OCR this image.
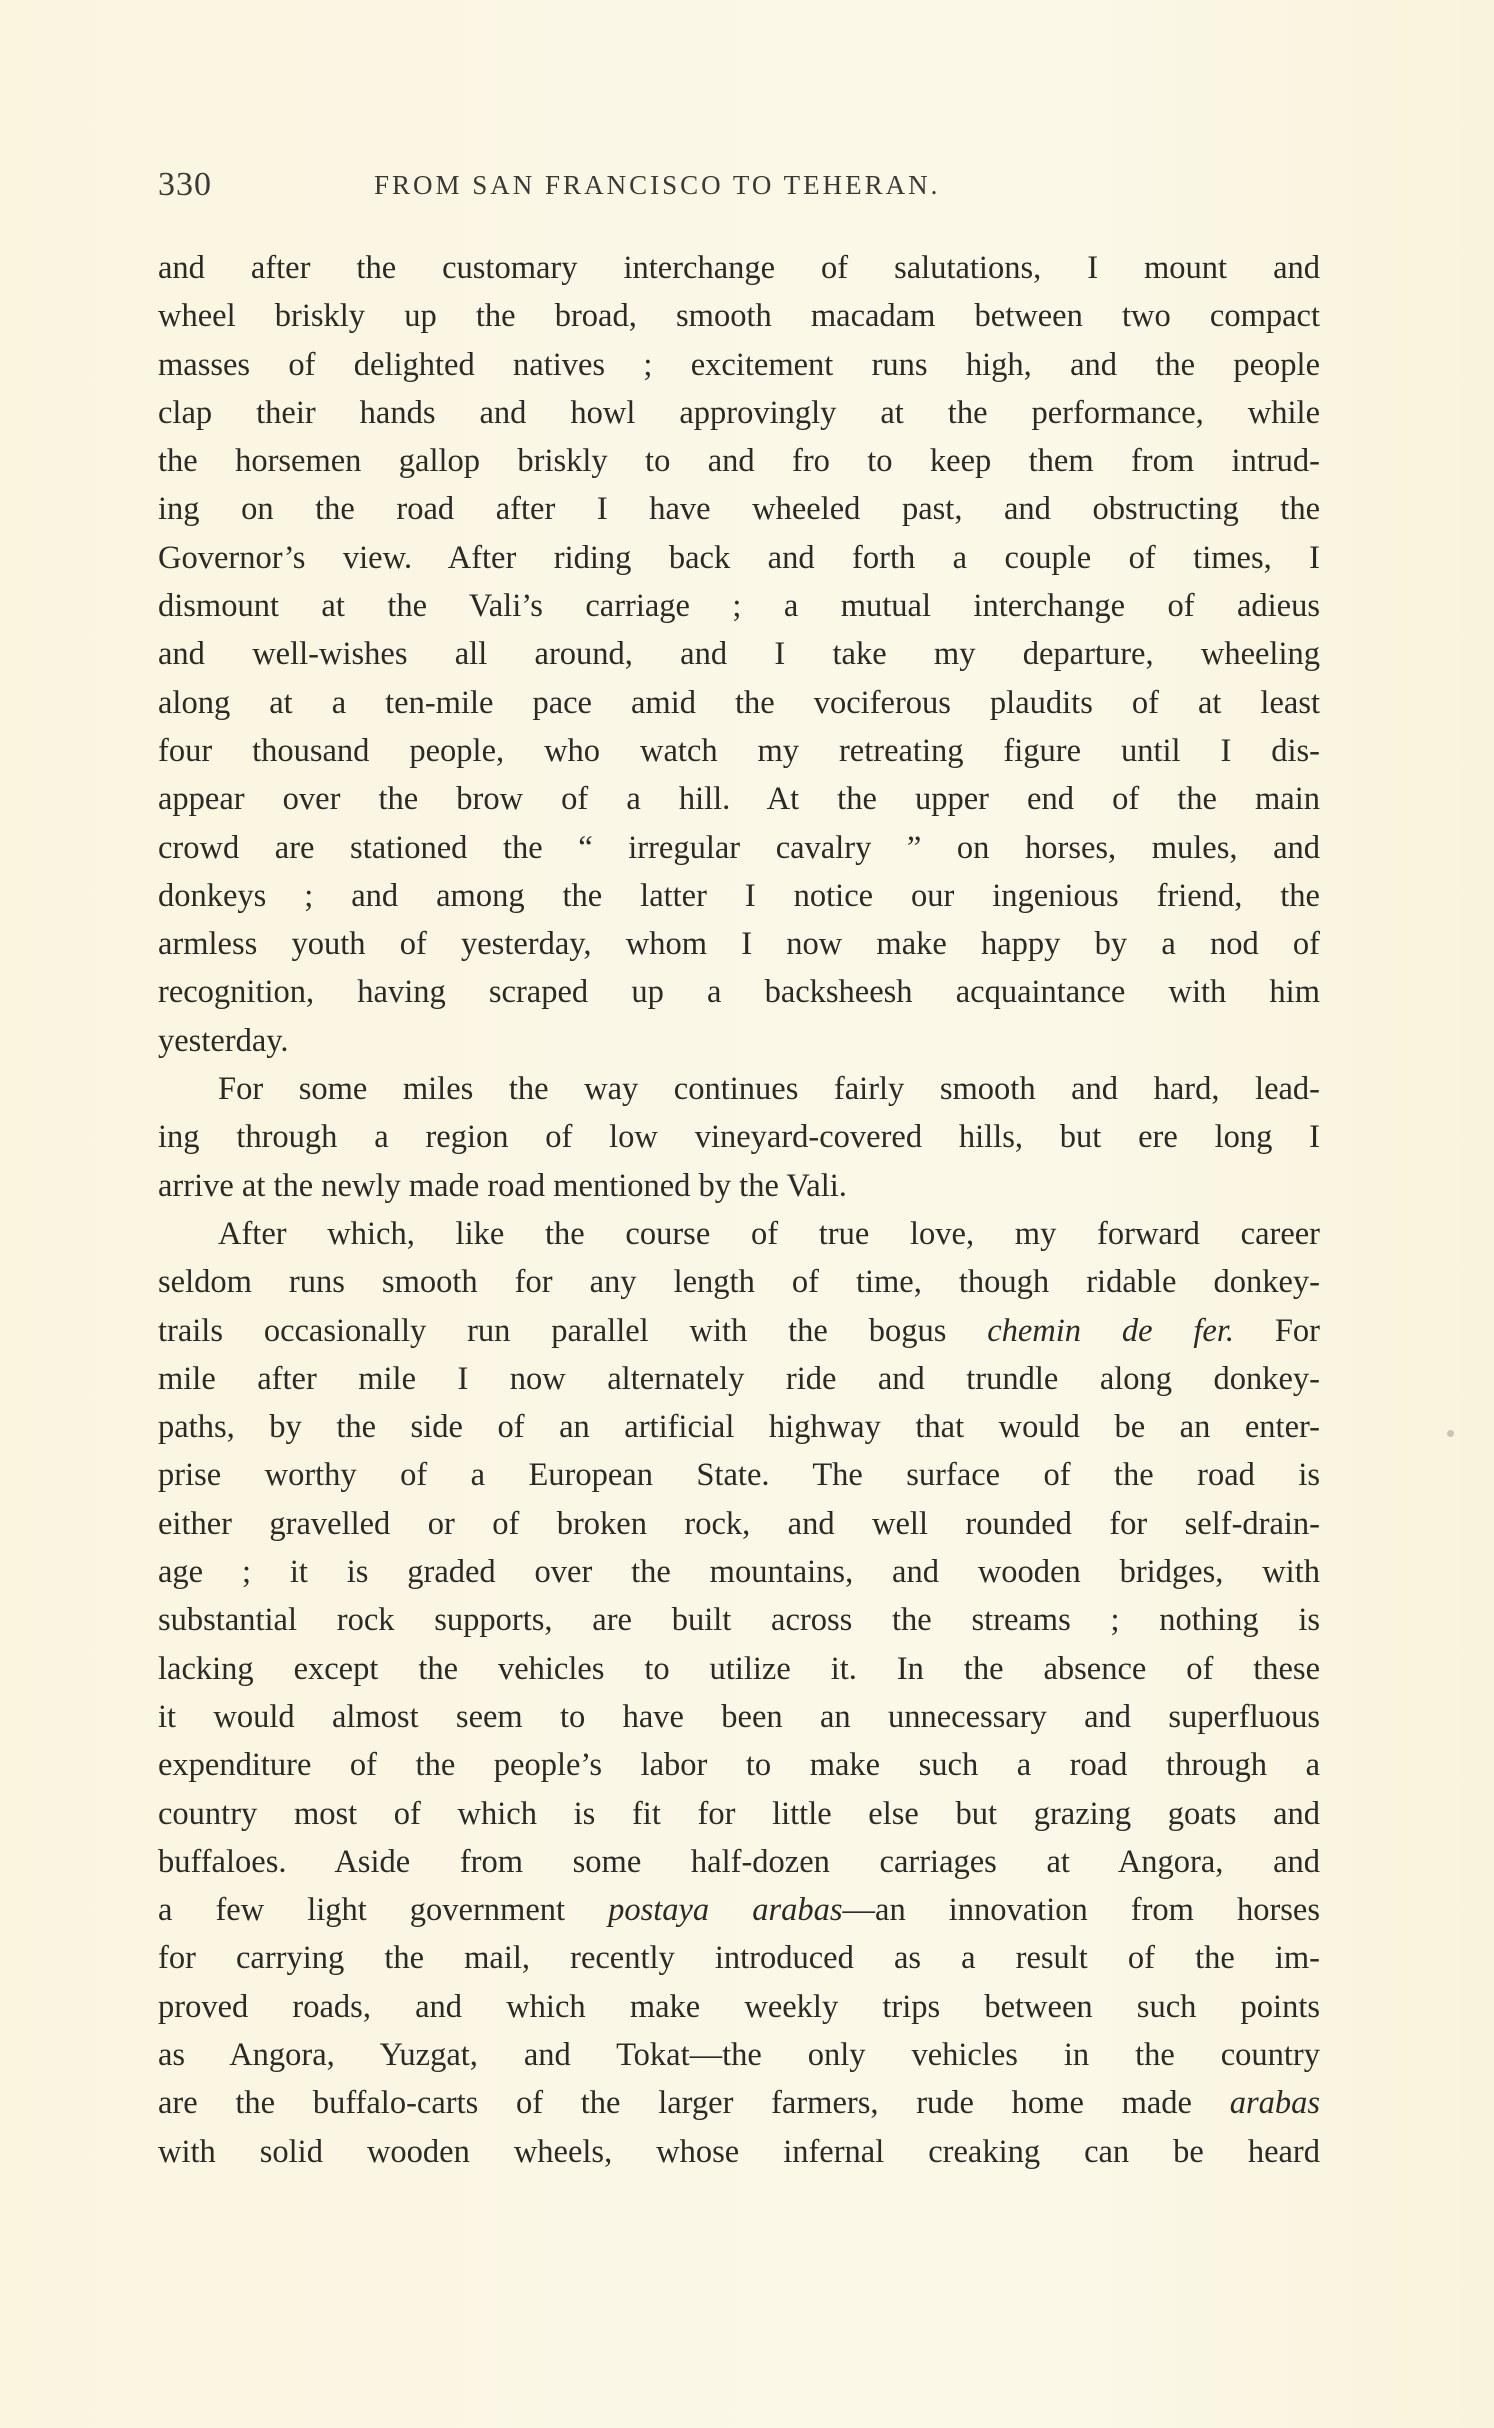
330	FROM SAN FRANCISCO TO TEHERAN.
and after the customary interchange of salutations, I mount and
wheel briskly up the broad, smooth macadam between two compact
masses of delighted natives ; excitement runs high, and the people
clap their hands and howl approvingly at the performance, while
the horsemen gallop briskly to and fro to keep them from intrud-
ing on the road after I have wheeled past, and obstructing the
Governor’s view. After riding back and forth a couple of times, I
dismount at the Vali’s carriage ; a mutual interchange of adieus
and well-wishes all around, and I take my departure, wheeling
along at a ten-mile pace amid the vociferous plaudits of at least
four thousand people, who watch my retreating figure until I dis-
appear over the brow of a hill. At the upper end of the main
crowd are stationed the “ irregular cavalry ” on horses, mules, and
donkeys ; and among the latter I notice our ingenious friend, the
armless youth of yesterday, whom I now make happy by a nod of
recognition, having scraped up a backsheesh acquaintance with him
yesterday.
For some miles the way continues fairly smooth and hard, lead-
ing through a region of low vineyard-covered hills, but ere long I
arrive at the newly made road mentioned by the Vali.
After which, like the course of true love, my forward career
seldom runs smooth for any length of time, though ridable donkey-
trails occasionally run parallel with the bogus chemin de fer. For
mile after mile I now alternately ride and trundle along donkey-
paths, by the side of an artificial highway that would be an enter-
prise worthy of a European State. The surface of the road is
either gravelled or of broken rock, and well rounded for self-drain-
age ; it is graded over the mountains, and wooden bridges, with
substantial rock supports, are built across the streams ; nothing is
lacking except the vehicles to utilize it. In the absence of these
it would almost seem to have been an unnecessary and superfluous
expenditure of the people’s labor to make such a road through a
country most of which is fit for little else but grazing goats and
buffaloes. Aside from some half-dozen carriages at Angora, and
a few light government postaya arabas—an innovation from horses
for carrying the mail, recently introduced as a result of the im-
proved roads, and which make weekly trips between such points
as Angora, Yuzgat, and Tokat—the only vehicles in the country
are the buffalo-carts of the larger farmers, rude home made arabas
with solid wooden wheels, whose infernal creaking can be heard
